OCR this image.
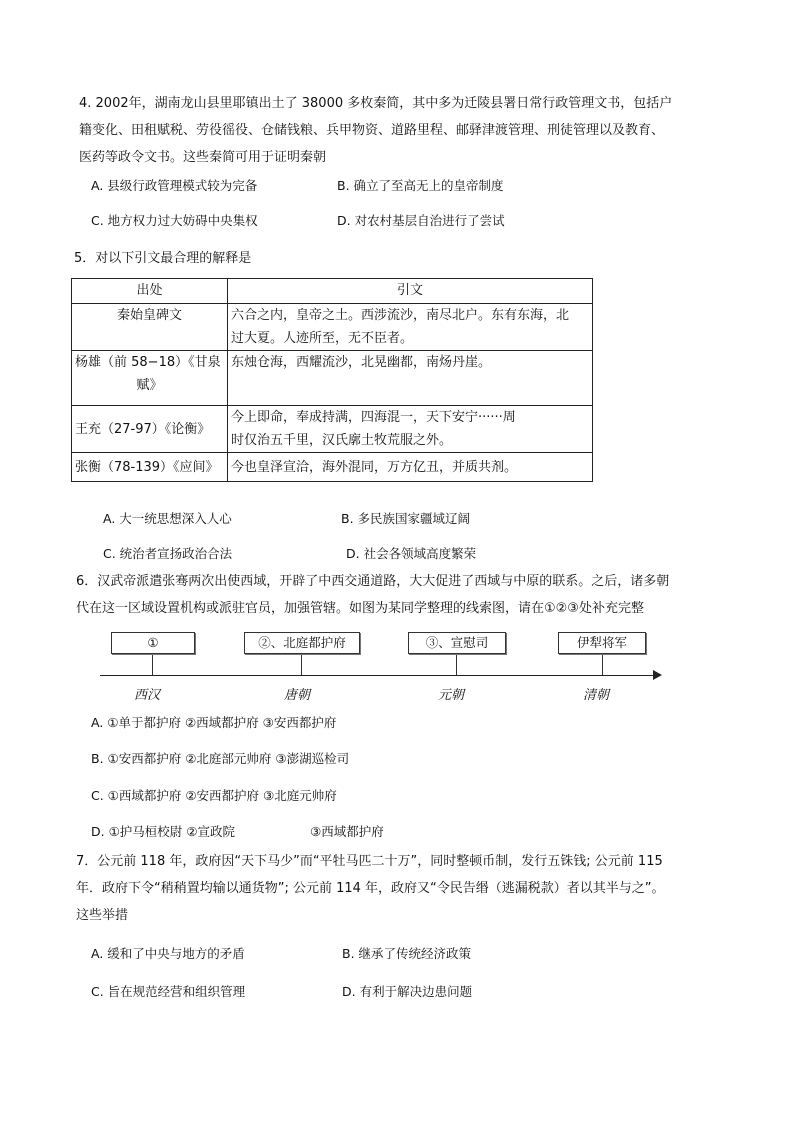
4. 2002年，湖南龙山县里耶镇出土了 38000 多枚秦简，其中多为迁陵县署日常行政管理文书，包括户
籍变化、田租赋税、劳役徭役、仓储钱粮、兵甲物资、道路里程、邮驿津渡管理、刑徒管理以及教育、
医药等政令文书。这些秦简可用于证明秦朝
A. 县级行政管理模式较为完备	B. 确立了至高无上的皇帝制度
C. 地方权力过大妨碍中央集权	D. 对农村基层自治进行了尝试
5．对以下引文最合理的解释是
出处	引文
秦始皇碑文	六合之内，皇帝之土。西涉流沙，南尽北户。东有东海，北
过大夏。人迹所至，无不臣者。

杨雄（前 58−18）《甘泉
赋》	东烛仓海，西耀流沙，北晃幽都，南炀丹崖。

王充（27-97）《论衡》	今上即命，奉成持满，四海混一，天下安宁······周
时仅治五千里，汉氏廓土牧荒服之外。

张衡（78-139）《应间》	今也皇泽宣洽，海外混同，万方亿丑，并质共剂。
A. 大一统思想深入人心	B. 多民族国家疆域辽阔
C. 统治者宣扬政治合法	D. 社会各领域高度繁荣
6．汉武帝派遣张骞两次出使西域，开辟了中西交通道路，大大促进了西域与中原的联系。之后，诸多朝
代在这一区域设置机构或派驻官员，加强管辖。如图为某同学整理的线索图，请在①②③处补充完整
①	②、北庭都护府	③、宣慰司	伊犁将军
西汉	唐朝	元朝	清朝
A. ①单于都护府 ②西域都护府 ③安西都护府
B. ①安西都护府 ②北庭部元帅府 ③澎湖巡检司
C. ①西域都护府 ②安西都护府 ③北庭元帅府
D. ①护马桓校尉 ②宣政院	③西域都护府
7．公元前 118 年，政府因“天下马少”而“平牡马匹二十万”，同时整顿币制，发行五铢钱; 公元前 115
年．政府下令“稍稍置均输以通货物”; 公元前 114 年，政府又“令民告缗（逃漏税款）者以其半与之”。
这些举措
A. 缓和了中央与地方的矛盾	B. 继承了传统经济政策
C. 旨在规范经营和组织管理	D. 有利于解决边患问题
